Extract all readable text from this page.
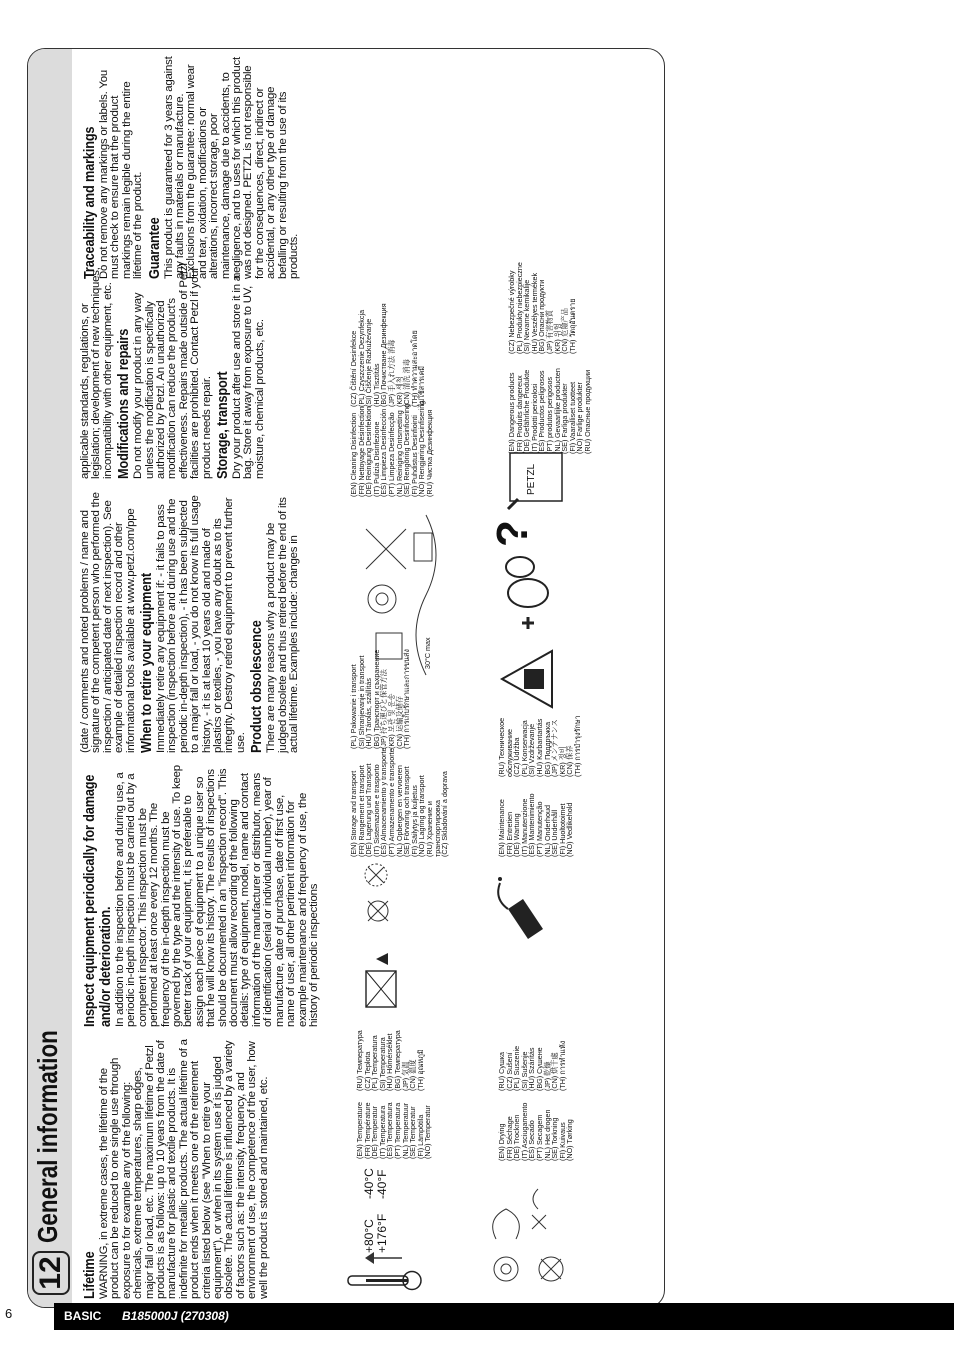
12
General information
Lifetime WARNING, in extreme cases, the lifetime of the product can be reduced to one single use through exposure to for example any of the following: chemicals, extreme temperatures, sharp edges, major fall or load, etc. The maximum lifetime of Petzl products is as follows: up to 10 years from the date of manufacture for plastic and textile products. It is indefinite for metallic products. The actual lifetime of a product ends when it meets one of the retirement criteria listed below (see "When to retire your equipment"), or when in its system use it is judged obsolete. The actual lifetime is influenced by a variety of factors such as: the intensity, frequency, and environment of use, the competence of the user, how well the product is stored and maintained, etc.

Inspect equipment periodically for damage and/or deterioration. In addition to the inspection before and during use, a periodic in-depth inspection must be carried out by a competent inspector. This inspection must be performed at least once every 12 months. The frequency of the in-depth inspection must be governed by the type and the intensity of use. To keep better track of your equipment, it is preferable to assign each piece of equipment to a unique user so that he will know its history. The results of inspections should be documented in an "inspection record". This document must allow recording of the following details: type of equipment, model, name and contact information of the manufacturer or distributor, means of identification (serial or individual number), year of manufacture, date of purchase, date of first use, name of user, all other pertinent information for example maintenance and frequency of use, the history of periodic inspections

(date / comments and noted problems / name and signature of the competent person who performed the inspection / anticipated date of next inspection). See example of detailed inspection record and other informational tools available at www.petzl.com/ppe When to retire your equipment Immediately retire any equipment if: - it fails to pass inspection (inspection before and during use and the periodic in-depth inspection), - it has been subjected to a major fall or load, - you do not know its full usage history, - it is at least 10 years old and made of plastics or textiles, - you have any doubt as to its integrity. Destroy retired equipment to prevent further use. Product obsolescence There are many reasons why a product may be judged obsolete and thus retired before the end of its actual lifetime. Examples include: changes in

applicable standards, regulations, or legislation; development of new techniques, incompatibility with other equipment, etc. Modifications and repairs Do not modify your product in any way unless the modification is specifically authorized by Petzl. An unauthorized modification can reduce the product's effectiveness. Repairs made outside of Petzl facilities are prohibited. Contact Petzl if your product needs repair. Storage, transport Dry your product after use and store it in a bag. Store it away from exposure to UV, moisture, chemical products, etc.

Traceability and markings Do not remove any markings or labels. You must check to ensure that the product markings remain legible during the entire lifetime of the product. Guarantee This product is guaranteed for 3 years against any faults in materials or manufacture. Exclusions from the guarantee: normal wear and tear, oxidation, modifications or alterations, incorrect storage, poor maintenance, damage due to accidents, to negligence, and to uses for which this product was not designed. PETZL is not responsible for the consequences, direct, indirect or accidental, or any other type of damage befalling or resulting from the use of its products.

+80°C +176°F
-40°C -40°F
(EN) Temperature
(FR) Température
(DE) Temperatur
(IT) Temperatura
(ES) Temperatura
(PT) Temperatura
(NL) Temperatuur
(SE) Temperatur
(FI) Lämpötila
(NO) Temperatur
(RU) Температура
(CZ) Teplota
(PL) Temperatura
(SI) Temperatura
(HU) Hőmérséklet
(BG) Температура
(JP) 気温
(CN) 温度
(TH) อุณหภูมิ
(EN) Storage and transport
(FR) Rangement et transport
(DE) Lagerung und Transport
(IT) Sistemazione e trasporto
(ES) Almacenamiento y transporte
(PT) Armazenamento e transporte
(NL) Opbergen en vervoeren
(SE) Förvaring och transport
(FI) Säilytys ja kuljetus
(NO) Lagring og transport
(RU) Хранение и
транспортировка
(CZ) Skladování a doprava
(PL) Pakowanie i transport
(SI) Shranjevanje in transport
(HU) Tárolás, szállítás
(BG) Транспорт и съхранение
(JP) 持ち運びと保管方法
(KR) 보관 및 운송
(CN) 运输及储存
(TH) การเก็บรักษาและการขนส่ง 30°C max
(EN) Cleaning Disinfection
(FR) Nettoyage Désinfection
(DE) Reinigung Desinfektion
(IT) Pulizia Disinfezione
(ES) Limpieza Desinfección
(PT) Limpeza Desinfecção
(NL) Reiniging Ontsmetting
(SE) Rengöring Desinficering
(FI) Puhdistus Desinfiointi
(NO) Rengjøring Desinfisering
(RU) Чистка Дезинфекция
(CZ) Čištění Desinfekce
(PL) Czyszczenie Dezynfekcja
(SI) Čiščenje Razkuževanje
(HU) Tisztítás
(BG) Почистване Дезинфекция
(JP) 手入れ方法 消毒
(KR) 세척
(CN) 清洗 消毒
(TH) ทำความสะอาดโดย
ไม่ใช้สารเคมี
(EN) Drying
(FR) Séchage
(DE) Trocknen
(IT) Asciugamento
(ES) Secado
(PT) Secagem
(NL) Het drogen
(SE) Torkning
(FI) Kuivaus
(NO) Tørking
(RU) Сушка
(CZ) Sušení
(PL) Suszenie
(SI) Sušenje
(HU) Szárítás
(BG) Сушене
(JP) 乾燥
(CN) 烘干處
(TH) การทำแห้ง
(EN) Maintenance
(FR) Entretien
(DE) Wartung
(IT) Manutenzione
(ES) Mantenimiento
(PT) Manutenção
(NL) Onderhoud
(SE) Underhåll
(FI) Huoltotoimet
(NO) Vedlikehold
(RU) Техническое
обслуживание
(CZ) Údržba
(PL) Konserwacja
(SI) Vzdrževanje
(HU) Karbantartás
(BG) Поддръжка
(JP) メンテナンス
(KR) 정비
(CN) 保养
(TH) การบำรุงรักษา
?
PETZL
(EN) Dangerous products
(FR) Produits dangereux
(DE) Gefährliche Produkte
(IT) Prodotti pericolosi
(ES) Productos peligrosos
(PT) produtos perigosos
(NL) Gevaarlijke producten
(SE) Farliga produkter
(FI) Vaaralliset tuotteet
(NO) Farlige produkter
(RU) Опасные продукции
(CZ) Nebezpečné výrobky
(PL) Produkty niebezpieczne
(SI) Nevarne kemikalije
(HU) Veszélyes termékek
(BG) Опасни продукти
(JP) 有害物質
(KR) 위험
(CN) 危險产品
(TH) วัตถุอันตราย
6	BASIC B185000J (270308)
